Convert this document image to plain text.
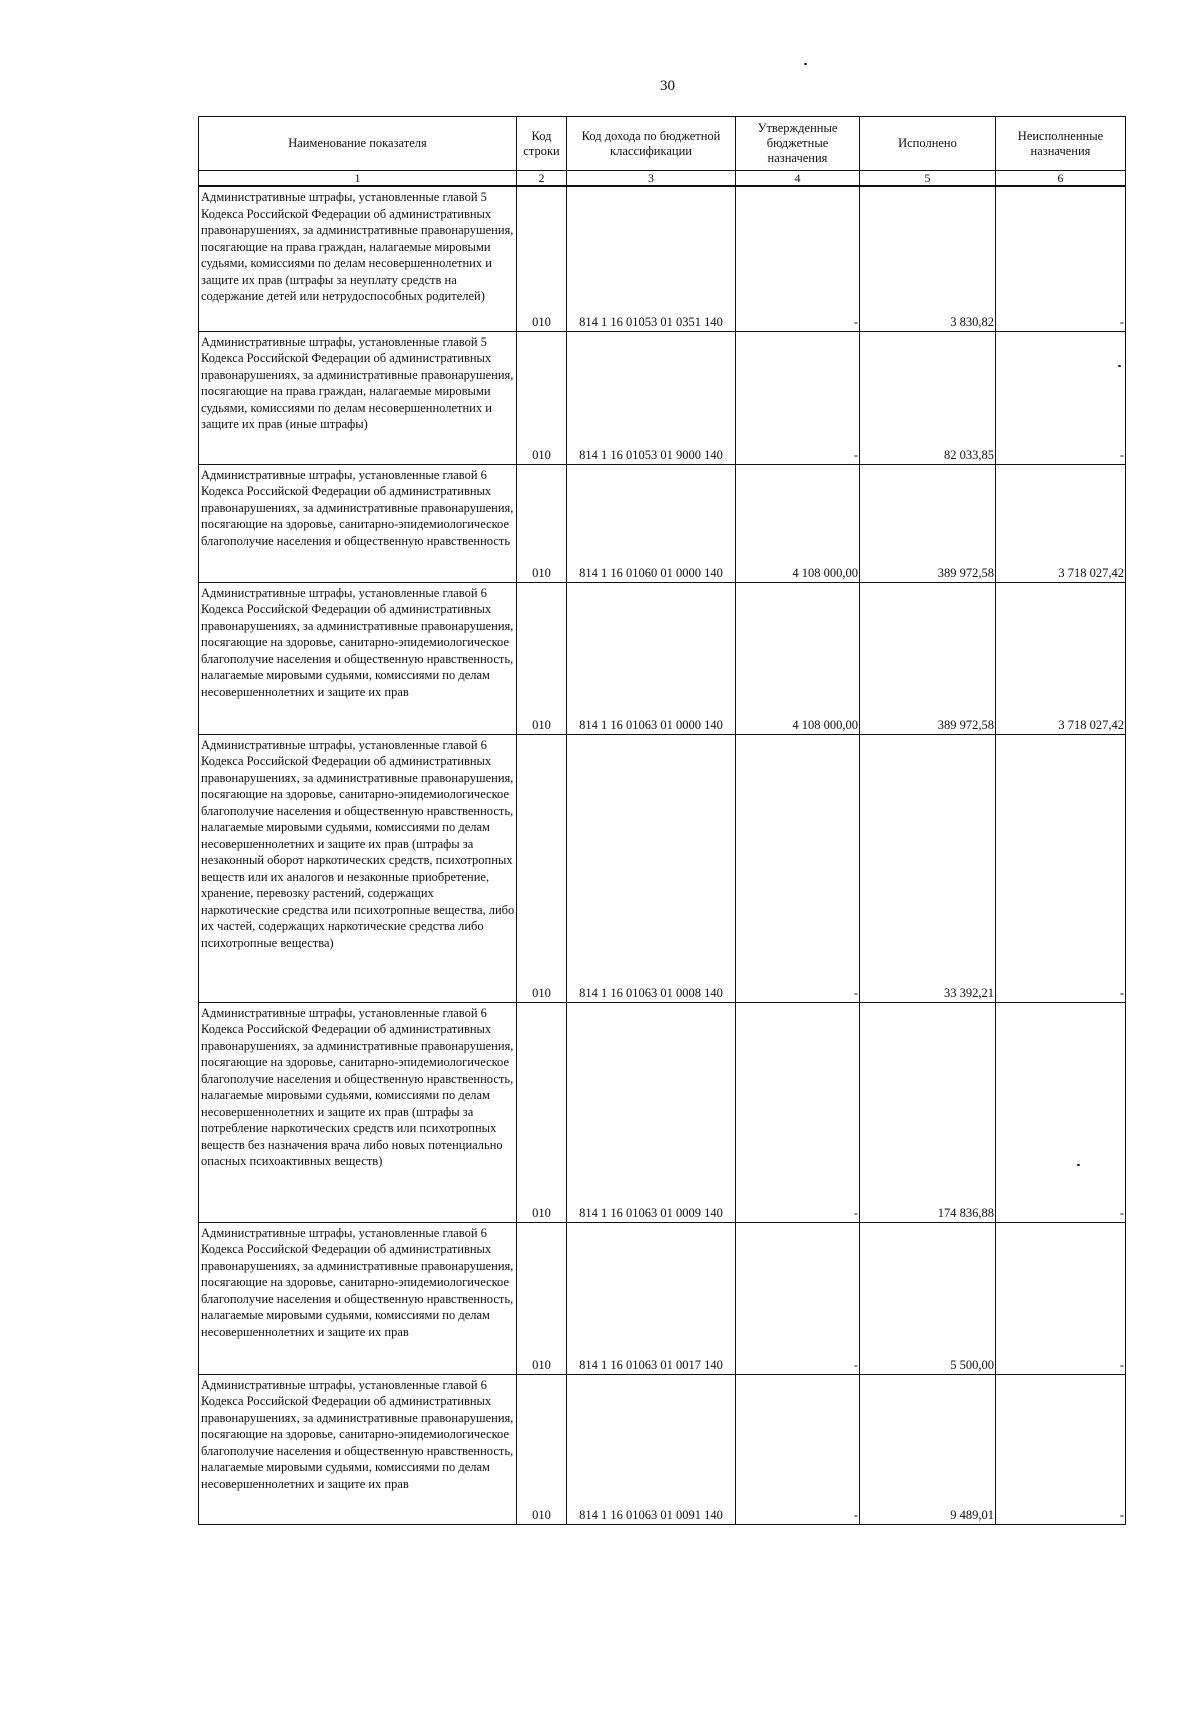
30
Наименование показателя	Код строки	Код дохода по бюджетной классификации	Утвержденные бюджетные назначения	Исполнено	Неисполненные назначения
1	2	3	4	5	6
Административные штрафы, установленные главой 5 Кодекса Российской Федерации об административных правонарушениях, за административные правонарушения, посягающие на права граждан, налагаемые мировыми судьями, комиссиями по делам несовершеннолетних и защите их прав (штрафы за неуплату средств на содержание детей или нетрудоспособных родителей)	010	814 1 16 01053 01 0351 140	-	3 830,82	-
Административные штрафы, установленные главой 5 Кодекса Российской Федерации об административных правонарушениях, за административные правонарушения, посягающие на права граждан, налагаемые мировыми судьями, комиссиями по делам несовершеннолетних и защите их прав (иные штрафы)	010	814 1 16 01053 01 9000 140	-	82 033,85	-
Административные штрафы, установленные главой 6 Кодекса Российской Федерации об административных правонарушениях, за административные правонарушения, посягающие на здоровье, санитарно-эпидемиологическое благополучие населения и общественную нравственность	010	814 1 16 01060 01 0000 140	4 108 000,00	389 972,58	3 718 027,42
Административные штрафы, установленные главой 6 Кодекса Российской Федерации об административных правонарушениях, за административные правонарушения, посягающие на здоровье, санитарно-эпидемиологическое благополучие населения и общественную нравственность, налагаемые мировыми судьями, комиссиями по делам несовершеннолетних и защите их прав	010	814 1 16 01063 01 0000 140	4 108 000,00	389 972,58	3 718 027,42
Административные штрафы, установленные главой 6 Кодекса Российской Федерации об административных правонарушениях, за административные правонарушения, посягающие на здоровье, санитарно-эпидемиологическое благополучие населения и общественную нравственность, налагаемые мировыми судьями, комиссиями по делам несовершеннолетних и защите их прав (штрафы за незаконный оборот наркотических средств, психотропных веществ или их аналогов и незаконные приобретение, хранение, перевозку растений, содержащих наркотические средства или психотропные вещества, либо их частей, содержащих наркотические средства либо психотропные вещества)	010	814 1 16 01063 01 0008 140	-	33 392,21	-
Административные штрафы, установленные главой 6 Кодекса Российской Федерации об административных правонарушениях, за административные правонарушения, посягающие на здоровье, санитарно-эпидемиологическое благополучие населения и общественную нравственность, налагаемые мировыми судьями, комиссиями по делам несовершеннолетних и защите их прав (штрафы за потребление наркотических средств или психотропных веществ без назначения врача либо новых потенциально опасных психоактивных веществ)	010	814 1 16 01063 01 0009 140	-	174 836,88	-
Административные штрафы, установленные главой 6 Кодекса Российской Федерации об административных правонарушениях, за административные правонарушения, посягающие на здоровье, санитарно-эпидемиологическое благополучие населения и общественную нравственность, налагаемые мировыми судьями, комиссиями по делам несовершеннолетних и защите их прав	010	814 1 16 01063 01 0017 140	-	5 500,00	-
Административные штрафы, установленные главой 6 Кодекса Российской Федерации об административных правонарушениях, за административные правонарушения, посягающие на здоровье, санитарно-эпидемиологическое благополучие населения и общественную нравственность, налагаемые мировыми судьями, комиссиями по делам несовершеннолетних и защите их прав	010	814 1 16 01063 01 0091 140	-	9 489,01	-
